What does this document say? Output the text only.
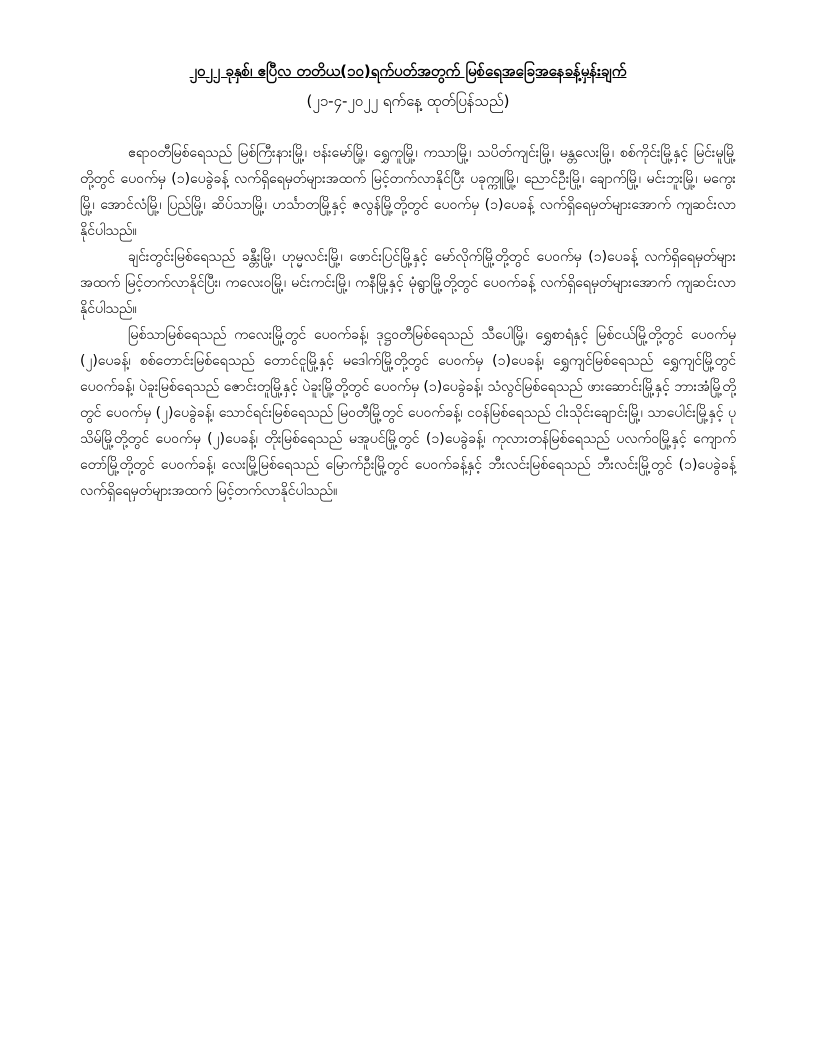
၂၀၂၂ ခုနှစ်၊ ဧပြီလ တတိယ(၁၀)ရက်ပတ်အတွက် မြစ်ရေအခြေအနေခန့်မှန်းချက်

(၂၁-၄-၂၀၂၂ ရက်နေ့ ထုတ်ပြန်သည်)

ဧရာဝတီမြစ်ရေသည် မြစ်ကြီးနားမြို့၊ ဗန်းမော်မြို့၊ ရွှေကူမြို့၊ ကသာမြို့၊ သပိတ်ကျင်းမြို့၊ မန္တလေးမြို့၊ စစ်ကိုင်းမြို့နှင့် မြင်းမူမြို့တို့တွင် ပေ၀က်မှ (၁)ပေခွဲခန့် လက်ရှိရေမှတ်များအထက် မြင့်တက်လာနိုင်ပြီး ပခုက္ကူမြို့၊ ညောင်ဦးမြို့၊ ချောက်မြို့၊ မင်းဘူးမြို့၊ မကွေးမြို့၊ အောင်လံမြို့၊ ပြည်မြို့၊ ဆိပ်သာမြို့၊ ဟင်္သာတမြို့နှင့် ဇလွန်မြို့တို့တွင် ပေ၀က်မှ (၁)ပေခန့် လက်ရှိရေမှတ်များအောက် ကျဆင်းလာနိုင်ပါသည်။

ချင်းတွင်းမြစ်ရေသည် ခန္တီးမြို့၊ ဟုမ္မလင်းမြို့၊ ဖောင်းပြင်မြို့နှင့် မော်လိုက်မြို့တို့တွင် ပေ၀က်မှ (၁)ပေခန့် လက်ရှိရေမှတ်များအထက် မြင့်တက်လာနိုင်ပြီး၊ ကလေးဝမြို့၊ မင်းကင်းမြို့၊ ကနီမြို့နှင့် မုံရွာမြို့တို့တွင် ပေ၀က်ခန့် လက်ရှိရေမှတ်များအောက် ကျဆင်းလာနိုင်ပါသည်။

မြစ်သာမြစ်ရေသည် ကလေးမြို့တွင် ပေ၀က်ခန့်၊ ဒုဋ္ဌဝတီမြစ်ရေသည် သီပေါမြို့၊ ရွှေစာရံနှင့် မြစ်ငယ်မြို့တို့တွင် ပေ၀က်မှ (၂)ပေခန့်၊ စစ်တောင်းမြစ်ရေသည် တောင်ငူမြို့နှင့် မဒေါက်မြို့တို့တွင် ပေ၀က်မှ (၁)ပေခန့်၊ ရွှေကျင်မြစ်ရေသည် ရွှေကျင်မြို့တွင် ပေ၀က်ခန့်၊ ပဲခူးမြစ်ရေသည် ဇောင်းတူမြို့နှင့် ပဲခူးမြို့တို့တွင် ပေ၀က်မှ (၁)ပေခွဲခန့်၊ သံလွင်မြစ်ရေသည် ဖားဆောင်းမြို့နှင့် ဘားအံမြို့တို့တွင် ပေ၀က်မှ (၂)ပေခွဲခန့်၊ သောင်ရင်းမြစ်ရေသည် မြဝတီမြို့တွင် ပေ၀က်ခန့်၊ ငဝန်မြစ်ရေသည် ငါးသိုင်းချောင်းမြို့၊ သာပေါင်းမြို့နှင့် ပုသိမ်မြို့တို့တွင် ပေ၀က်မှ (၂)ပေခန့်၊ တိုးမြစ်ရေသည် မအူပင်မြို့တွင် (၁)ပေခွဲခန့်၊ ကုလားတန်မြစ်ရေသည် ပလက်ဝမြို့နှင့် ကျောက်တော်မြို့တို့တွင် ပေ၀က်ခန့်၊ လေးမြို့မြစ်ရေသည် မြောက်ဦးမြို့တွင် ပေ၀က်ခန့်နှင့် ဘီးလင်းမြစ်ရေသည် ဘီးလင်းမြို့တွင် (၁)ပေခွဲခန့် လက်ရှိရေမှတ်များအထက် မြင့်တက်လာနိုင်ပါသည်။
